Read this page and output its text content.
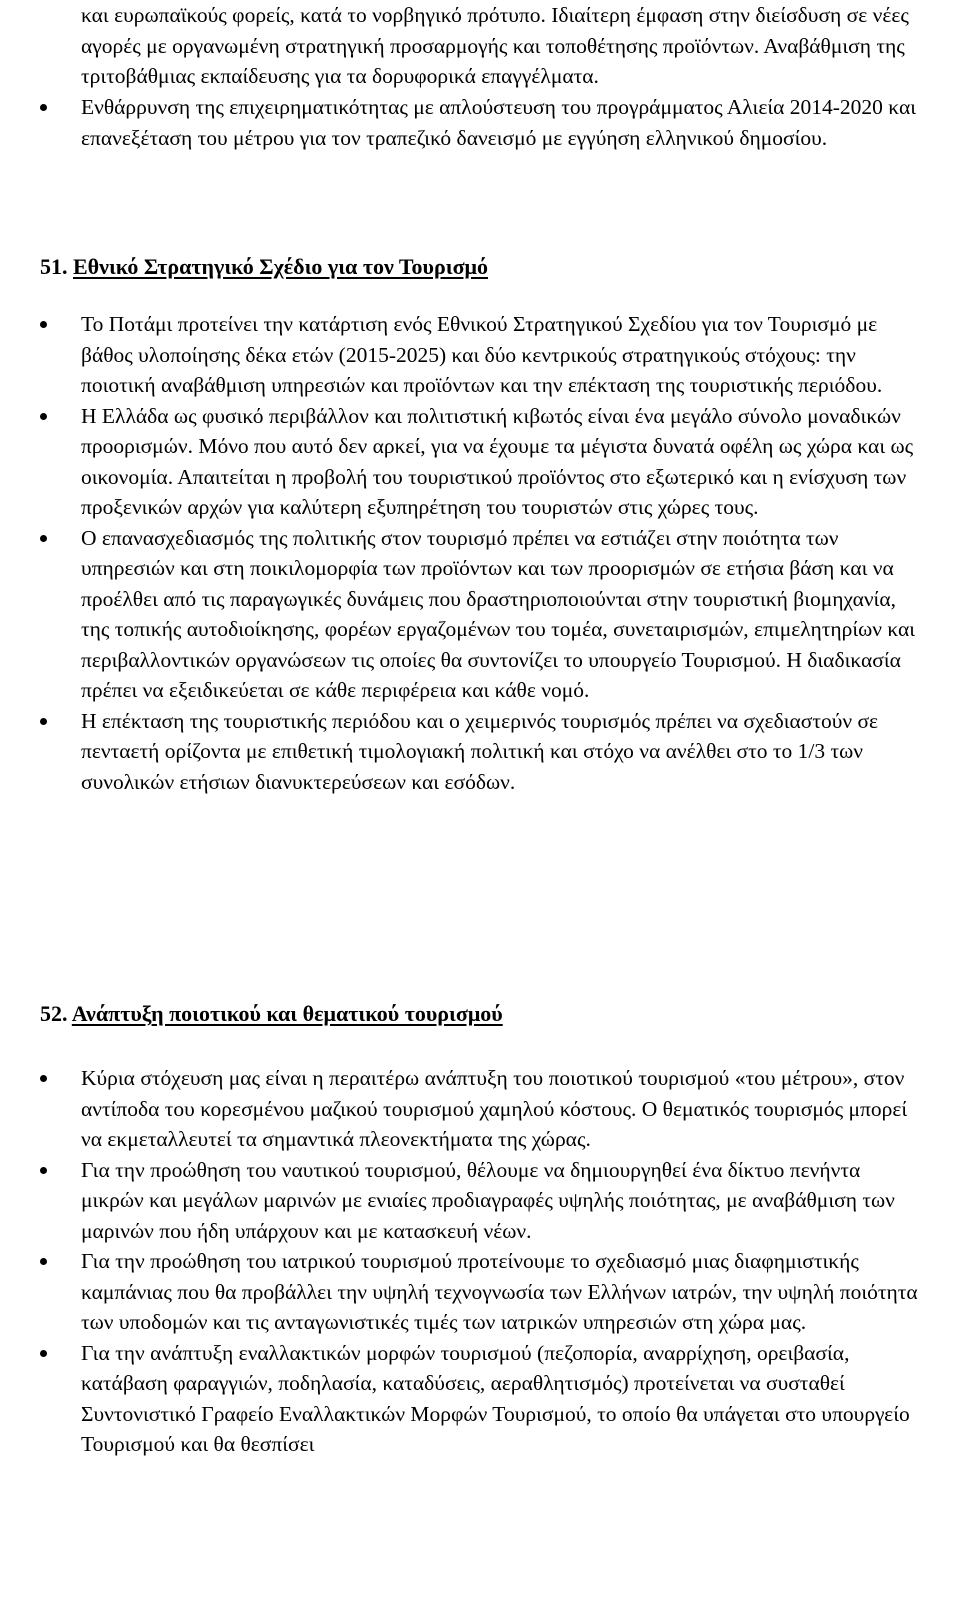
και ευρωπαϊκούς φορείς, κατά το νορβηγικό πρότυπο. Ιδιαίτερη έμφαση στην διείσδυση σε νέες αγορές με οργανωμένη στρατηγική προσαρμογής και τοποθέτησης προϊόντων. Αναβάθμιση της τριτοβάθμιας εκπαίδευσης για τα δορυφορικά επαγγέλματα.
Ενθάρρυνση της επιχειρηματικότητας με απλούστευση του προγράμματος Αλιεία 2014-2020 και επανεξέταση του μέτρου για τον τραπεζικό δανεισμό με εγγύηση ελληνικού δημοσίου.
51. Εθνικό Στρατηγικό Σχέδιο για τον Τουρισμό
Το Ποτάμι προτείνει την κατάρτιση ενός Εθνικού Στρατηγικού Σχεδίου για τον Τουρισμό με βάθος υλοποίησης δέκα ετών (2015-2025) και δύο κεντρικούς στρατηγικούς στόχους: την ποιοτική αναβάθμιση υπηρεσιών και προϊόντων και την επέκταση της τουριστικής περιόδου.
Η Ελλάδα ως φυσικό περιβάλλον και πολιτιστική κιβωτός είναι ένα μεγάλο σύνολο μοναδικών προορισμών. Μόνο που αυτό δεν αρκεί, για να έχουμε τα μέγιστα δυνατά οφέλη ως χώρα και ως οικονομία. Απαιτείται η προβολή του τουριστικού προϊόντος στο εξωτερικό και η ενίσχυση των προξενικών αρχών για καλύτερη εξυπηρέτηση του τουριστών στις χώρες τους.
Ο επανασχεδιασμός της πολιτικής στον τουρισμό πρέπει να εστιάζει στην ποιότητα των υπηρεσιών και στη ποικιλομορφία των προϊόντων και των προορισμών σε ετήσια βάση και να προέλθει από τις παραγωγικές δυνάμεις που δραστηριοποιούνται στην τουριστική βιομηχανία, της τοπικής αυτοδιοίκησης, φορέων εργαζομένων του τομέα, συνεταιρισμών, επιμελητηρίων και περιβαλλοντικών οργανώσεων τις οποίες θα συντονίζει το υπουργείο Τουρισμού. Η διαδικασία πρέπει να εξειδικεύεται σε κάθε περιφέρεια και κάθε νομό.
Η επέκταση της τουριστικής περιόδου και ο χειμερινός τουρισμός πρέπει να σχεδιαστούν σε πενταετή ορίζοντα με επιθετική τιμολογιακή πολιτική και στόχο να ανέλθει στο το 1/3 των συνολικών ετήσιων διανυκτερεύσεων και εσόδων.
52. Ανάπτυξη ποιοτικού και θεματικού τουρισμού
Κύρια στόχευση μας είναι η περαιτέρω ανάπτυξη του ποιοτικού τουρισμού «του μέτρου», στον αντίποδα του κορεσμένου μαζικού τουρισμού χαμηλού κόστους. Ο θεματικός τουρισμός μπορεί να εκμεταλλευτεί τα σημαντικά πλεονεκτήματα της χώρας.
Για την προώθηση του ναυτικού τουρισμού, θέλουμε να δημιουργηθεί ένα δίκτυο πενήντα μικρών και μεγάλων μαρινών με ενιαίες προδιαγραφές υψηλής ποιότητας, με αναβάθμιση των μαρινών που ήδη υπάρχουν και με κατασκευή νέων.
Για την προώθηση του ιατρικού τουρισμού προτείνουμε το σχεδιασμό μιας διαφημιστικής καμπάνιας που θα προβάλλει την υψηλή τεχνογνωσία των Ελλήνων ιατρών, την υψηλή ποιότητα των υποδομών και τις ανταγωνιστικές τιμές των ιατρικών υπηρεσιών στη χώρα μας.
Για την ανάπτυξη εναλλακτικών μορφών τουρισμού (πεζοπορία, αναρρίχηση, ορειβασία, κατάβαση φαραγγιών, ποδηλασία, καταδύσεις, αεραθλητισμός) προτείνεται να συσταθεί Συντονιστικό Γραφείο Εναλλακτικών Μορφών Τουρισμού, το οποίο θα υπάγεται στο υπουργείο Τουρισμού και θα θεσπίσει
